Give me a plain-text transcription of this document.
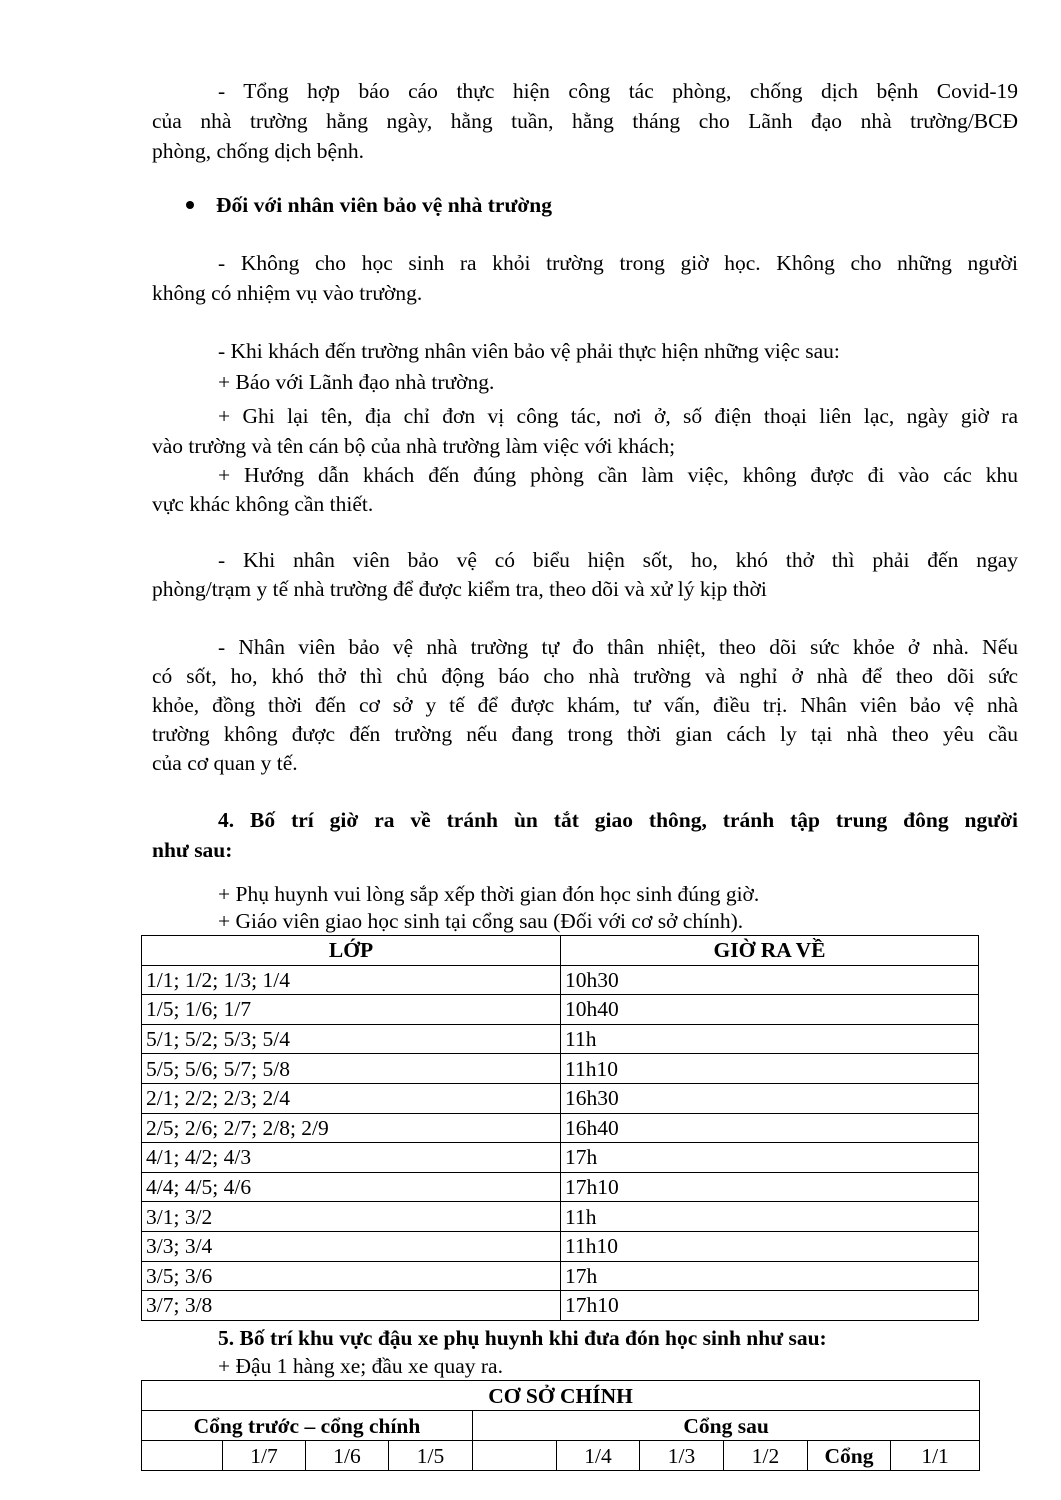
- Tổng hợp báo cáo thực hiện công tác phòng, chống dịch bệnh Covid-19
của nhà trường hằng ngày, hằng tuần, hằng tháng cho Lãnh đạo nhà trường/BCĐ
phòng, chống dịch bệnh.
Đối với nhân viên bảo vệ nhà trường
- Không cho học sinh ra khỏi trường trong giờ học. Không cho những người
không có nhiệm vụ vào trường.
- Khi khách đến trường nhân viên bảo vệ phải thực hiện những việc sau:
+ Báo với Lãnh đạo nhà trường.
+ Ghi lại tên, địa chỉ đơn vị công tác, nơi ở, số điện thoại liên lạc, ngày giờ ra
vào trường và tên cán bộ của nhà trường làm việc với khách;
+ Hướng dẫn khách đến đúng phòng cần làm việc, không được đi vào các khu
vực khác không cần thiết.
- Khi nhân viên bảo vệ có biểu hiện sốt, ho, khó thở thì phải đến ngay
phòng/trạm y tế nhà trường để được kiểm tra, theo dõi và xử lý kịp thời
- Nhân viên bảo vệ nhà trường tự đo thân nhiệt, theo dõi sức khỏe ở nhà. Nếu
có sốt, ho, khó thở thì chủ động báo cho nhà trường và nghỉ ở nhà để theo dõi sức
khỏe, đồng thời đến cơ sở y tế để được khám, tư vấn, điều trị. Nhân viên bảo vệ nhà
trường không được đến trường nếu đang trong thời gian cách ly tại nhà theo yêu cầu
của cơ quan y tế.
4. Bố trí giờ ra về tránh ùn tắt giao thông, tránh tập trung đông người
như sau:
+ Phụ huynh vui lòng sắp xếp thời gian đón học sinh đúng giờ.
+ Giáo viên giao học sinh tại cổng sau (Đối với cơ sở chính).
LỚP	GIỜ RA VỀ
1/1; 1/2; 1/3; 1/4	10h30
1/5; 1/6; 1/7	10h40
5/1; 5/2; 5/3; 5/4	11h
5/5; 5/6; 5/7; 5/8	11h10
2/1; 2/2; 2/3; 2/4	16h30
2/5; 2/6; 2/7; 2/8; 2/9	16h40
4/1; 4/2; 4/3	17h
4/4; 4/5; 4/6	17h10
3/1; 3/2	11h
3/3; 3/4	11h10
3/5; 3/6	17h
3/7; 3/8	17h10
5. Bố trí khu vực đậu xe phụ huynh khi đưa đón học sinh như sau:
+ Đậu 1 hàng xe; đầu xe quay ra.
CƠ SỞ CHÍNH									
Cổng trước – cổng chính				Cổng sau					
	1/7	1/6	1/5		1/4	1/3	1/2	Cổng	1/1
